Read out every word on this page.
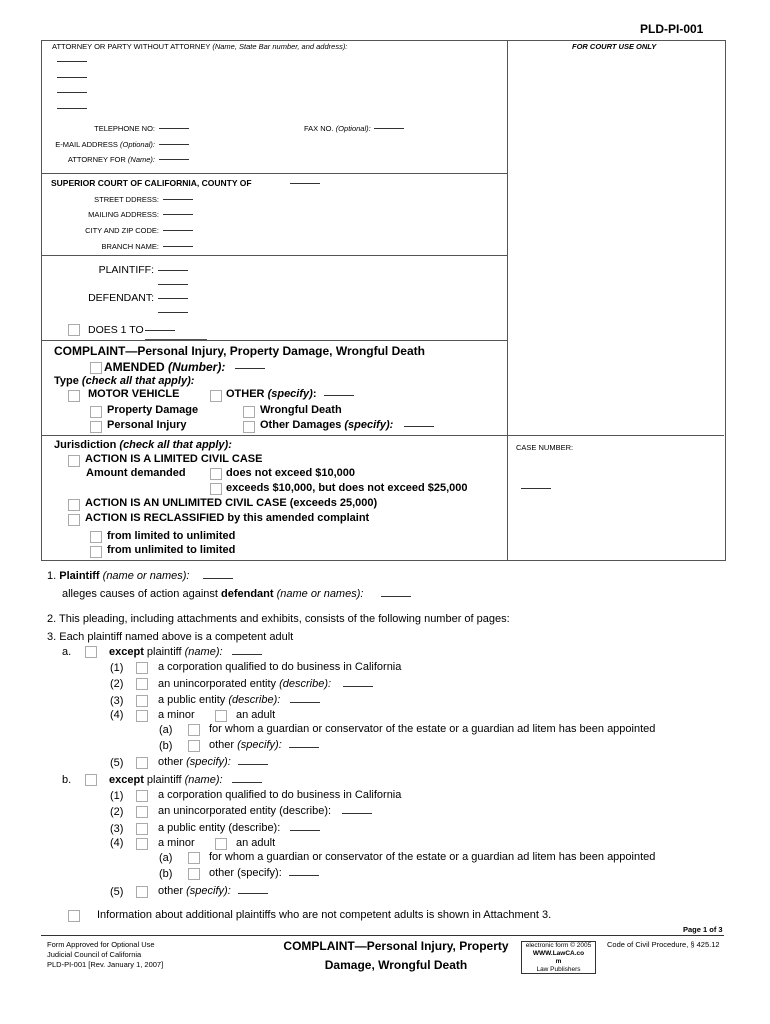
PLD-PI-001
ATTORNEY OR PARTY WITHOUT ATTORNEY (Name, State Bar number, and address):	FOR COURT USE ONLY
TELEPHONE NO:	FAX NO. (Optional):
E-MAIL ADDRESS (Optional):
ATTORNEY FOR (Name):
SUPERIOR COURT OF CALIFORNIA, COUNTY OF
STREET DDRESS:
MAILING ADDRESS:
CITY AND ZIP CODE:
BRANCH NAME:
PLAINTIFF:
DEFENDANT:
DOES 1 TO
COMPLAINT—Personal Injury, Property Damage, Wrongful Death
AMENDED (Number):
Type (check all that apply):
MOTOR VEHICLE	OTHER (specify):
Property Damage	Wrongful Death
Personal Injury	Other Damages (specify):
Jurisdiction (check all that apply):	CASE NUMBER:
ACTION IS A LIMITED CIVIL CASE
Amount demanded	does not exceed $10,000
exceeds $10,000, but does not exceed $25,000
ACTION IS AN UNLIMITED CIVIL CASE (exceeds 25,000)
ACTION IS RECLASSIFIED by this amended complaint
from limited to unlimited
from unlimited to limited
1. Plaintiff (name or names):
alleges causes of action against defendant (name or names):
2. This pleading, including attachments and exhibits, consists of the following number of pages:
3. Each plaintiff named above is a competent adult
a.	except plaintiff (name):
(1)	a corporation qualified to do business in California
(2)	an unincorporated entity (describe):
(3)	a public entity (describe):
(4)	a minor	an adult
(a)	for whom a guardian or conservator of the estate or a guardian ad litem has been appointed
(b)	other (specify):
(5)	other (specify):
b.	except plaintiff (name):
(1)	a corporation qualified to do business in California
(2)	an unincorporated entity (describe):
(3)	a public entity (describe):
(4)	a minor	an adult
(a)	for whom a guardian or conservator of the estate or a guardian ad litem has been appointed
(b)	other (specify):
(5)	other (specify):
Information about additional plaintiffs who are not competent adults is shown in Attachment 3.
Page 1 of 3
Form Approved for Optional Use
Judicial Council of California
PLD-PI-001 [Rev. January 1, 2007]
COMPLAINT—Personal Injury, Property
Damage, Wrongful Death
electronic form © 2005
WWW.LawCA.co
m
Law Publishers
Code of Civil Procedure, § 425.12
